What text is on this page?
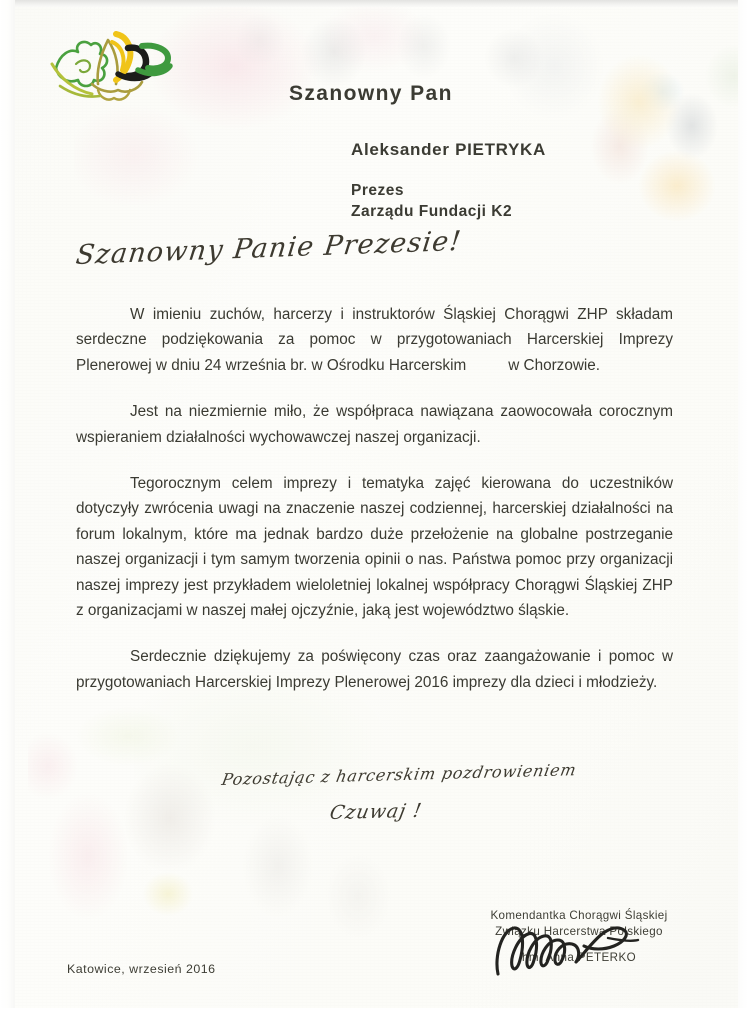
Szanowny Pan
Aleksander PIETRYKA
Prezes
Zarządu Fundacji K2
Szanowny Panie Prezesie!

W imieniu zuchów, harcerzy i instruktorów Śląskiej Chorągwi ZHP składam serdeczne podziękowania za pomoc w przygotowaniach Harcerskiej Imprezy Plenerowej w dniu 24 września br. w Ośrodku Harcerskim	w Chorzowie.

Jest na niezmiernie miło, że współpraca nawiązana zaowocowała corocznym wspieraniem działalności wychowawczej naszej organizacji.

Tegorocznym celem imprezy i tematyka zajęć kierowana do uczestników dotyczyły zwrócenia uwagi na znaczenie naszej codziennej, harcerskiej działalności na forum lokalnym, które ma jednak bardzo duże przełożenie na globalne postrzeganie naszej organizacji i tym samym tworzenia opinii o nas. Państwa pomoc przy organizacji naszej imprezy jest przykładem wieloletniej lokalnej współpracy Chorągwi Śląskiej ZHP z organizacjami w naszej małej ojczyźnie, jaką jest województwo śląskie.

Serdecznie dziękujemy za poświęcony czas oraz zaangażowanie i pomoc w przygotowaniach Harcerskiej Imprezy Plenerowej 2016 imprezy dla dzieci i młodzieży.

Pozostając z harcerskim pozdrowieniem
Czuwaj !
Komendantka Chorągwi Śląskiej
Związku Harcerstwa Polskiego
hm. Anna PETERKO
Katowice, wrzesień 2016
